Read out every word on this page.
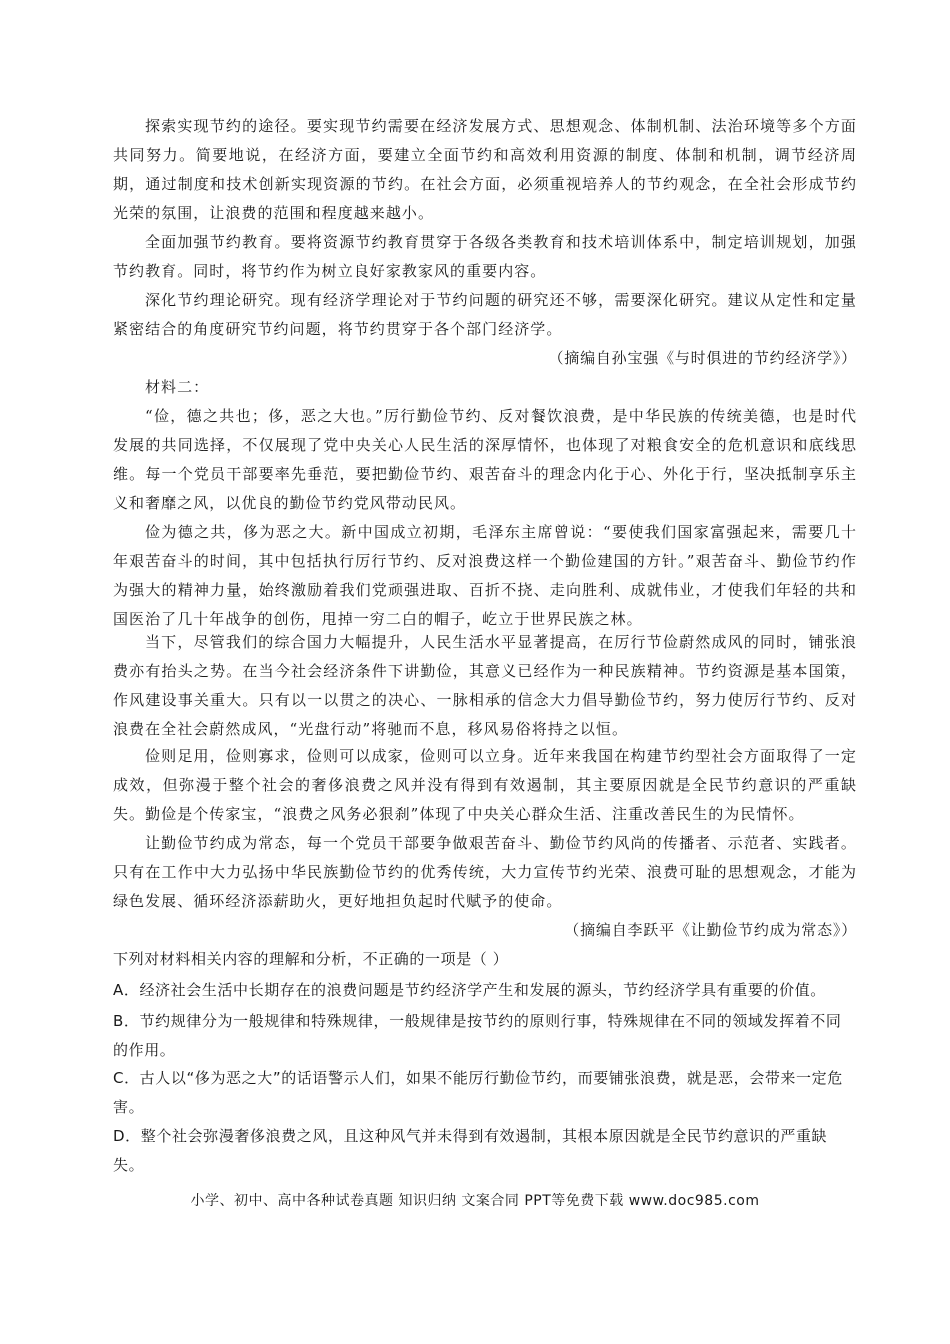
探索实现节约的途径。要实现节约需要在经济发展方式、思想观念、体制机制、法治环境等多个方面共同努力。简要地说，在经济方面，要建立全面节约和高效利用资源的制度、体制和机制，调节经济周期，通过制度和技术创新实现资源的节约。在社会方面，必须重视培养人的节约观念，在全社会形成节约光荣的氛围，让浪费的范围和程度越来越小。

全面加强节约教育。要将资源节约教育贯穿于各级各类教育和技术培训体系中，制定培训规划，加强节约教育。同时，将节约作为树立良好家教家风的重要内容。

深化节约理论研究。现有经济学理论对于节约问题的研究还不够，需要深化研究。建议从定性和定量紧密结合的角度研究节约问题，将节约贯穿于各个部门经济学。

（摘编自孙宝强《与时俱进的节约经济学》）

材料二：

“俭，德之共也；侈，恶之大也。”厉行勤俭节约、反对餐饮浪费，是中华民族的传统美德，也是时代发展的共同选择，不仅展现了党中央关心人民生活的深厚情怀，也体现了对粮食安全的危机意识和底线思维。每一个党员干部要率先垂范，要把勤俭节约、艰苦奋斗的理念内化于心、外化于行，坚决抵制享乐主义和奢靡之风，以优良的勤俭节约党风带动民风。

俭为德之共，侈为恶之大。新中国成立初期，毛泽东主席曾说：“要使我们国家富强起来，需要几十年艰苦奋斗的时间，其中包括执行厉行节约、反对浪费这样一个勤俭建国的方针。”艰苦奋斗、勤俭节约作为强大的精神力量，始终激励着我们党顽强进取、百折不挠、走向胜利、成就伟业，才使我们年轻的共和国医治了几十年战争的创伤，甩掉一穷二白的帽子，屹立于世界民族之林。

当下，尽管我们的综合国力大幅提升，人民生活水平显著提高，在厉行节俭蔚然成风的同时，铺张浪费亦有抬头之势。在当今社会经济条件下讲勤俭，其意义已经作为一种民族精神。节约资源是基本国策，作风建设事关重大。只有以一以贯之的决心、一脉相承的信念大力倡导勤俭节约，努力使厉行节约、反对浪费在全社会蔚然成风，“光盘行动”将驰而不息，移风易俗将持之以恒。

俭则足用，俭则寡求，俭则可以成家，俭则可以立身。近年来我国在构建节约型社会方面取得了一定成效，但弥漫于整个社会的奢侈浪费之风并没有得到有效遏制，其主要原因就是全民节约意识的严重缺失。勤俭是个传家宝，“浪费之风务必狠刹”体现了中央关心群众生活、注重改善民生的为民情怀。

让勤俭节约成为常态，每一个党员干部要争做艰苦奋斗、勤俭节约风尚的传播者、示范者、实践者。只有在工作中大力弘扬中华民族勤俭节约的优秀传统，大力宣传节约光荣、浪费可耻的思想观念，才能为绿色发展、循环经济添薪助火，更好地担负起时代赋予的使命。

（摘编自李跃平《让勤俭节约成为常态》）

下列对材料相关内容的理解和分析，不正确的一项是（ ）

A．经济社会生活中长期存在的浪费问题是节约经济学产生和发展的源头，节约经济学具有重要的价值。

B．节约规律分为一般规律和特殊规律，一般规律是按节约的原则行事，特殊规律在不同的领域发挥着不同的作用。

C．古人以“侈为恶之大”的话语警示人们，如果不能厉行勤俭节约，而要铺张浪费，就是恶，会带来一定危害。

D．整个社会弥漫奢侈浪费之风，且这种风气并未得到有效遏制，其根本原因就是全民节约意识的严重缺失。

小学、初中、高中各种试卷真题 知识归纳 文案合同 PPT等免费下载 www.doc985.com
